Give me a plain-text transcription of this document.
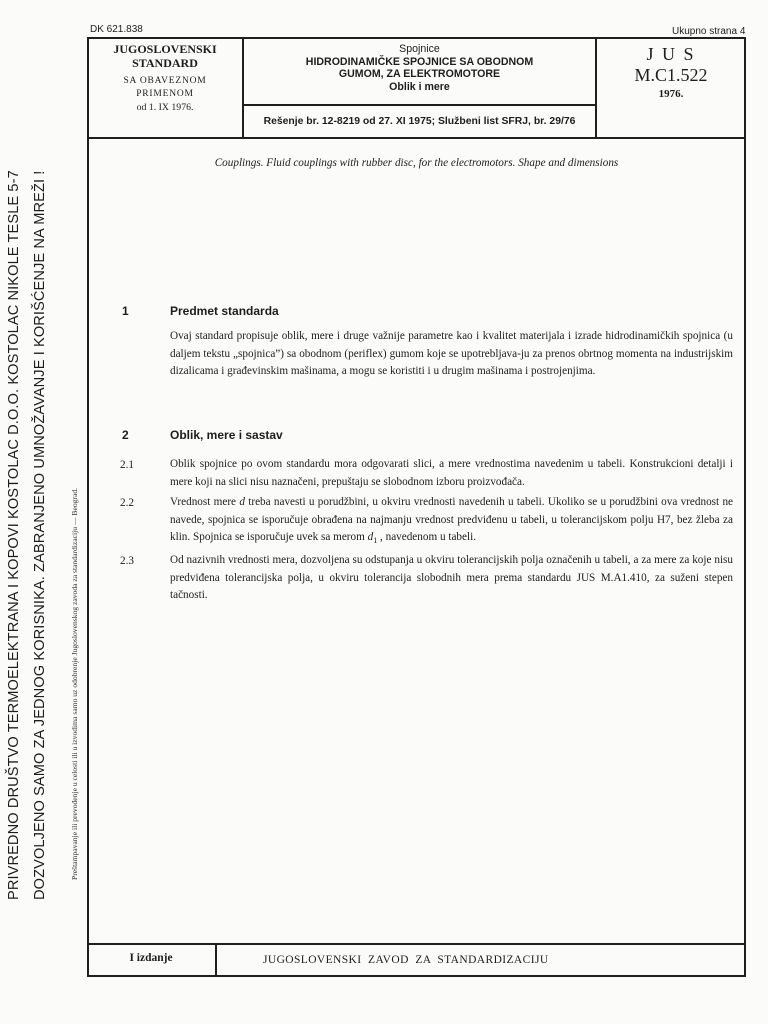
PRIVREDNO DRUŠTVO TERMOELEKTRANA I KOPOVI KOSTOLAC D.O.O. KOSTOLAC NIKOLE TESLE 5-7 DOZVOLJENO SAMO ZA JEDNOG KORISNIKA. ZABRANJENO UMNOŽAVANJE I KORIŠĆENJE NA MREŽI !	Preštampavanje ili prevođenje u celosti ili u izvodima samo uz odobrenje Jugoslovenskog zavoda za standardizaciju — Beograd.
DK 621.838	Ukupno strana 4
JUGOSLOVENSKI
STANDARD
SA OBAVEZNOM
PRIMENOM
od 1. IX 1976.
Spojnice
HIDRODINAMIČKE SPOJNICE SA OBODNOM
GUMOM, ZA ELEKTROMOTORE
Oblik i mere
Rešenje br. 12-8219 od 27. XI 1975; Službeni list SFRJ, br. 29/76
J U S
M.C1.522
1976.
Couplings. Fluid couplings with rubber disc, for the electromotors. Shape and dimensions
1	Predmet standarda
Ovaj standard propisuje oblik, mere i druge važnije parametre kao i kvalitet materijala i izrade hidrodinamičkih spojnica (u daljem tekstu „spojnica”) sa obodnom (periflex) gumom koje se upotrebljava-ju za prenos obrtnog momenta na industrijskim dizalicama i građevinskim mašinama, a mogu se koristiti i u drugim mašinama i postrojenjima.
2	Oblik, mere i sastav
2.1	Oblik spojnice po ovom standardu mora odgovarati slici, a mere vrednostima navedenim u tabeli. Konstrukcioni detalji i mere koji na slici nisu naznačeni, prepuštaju se slobodnom izboru proizvođača.
2.2	Vrednost mere d treba navesti u porudžbini, u okviru vrednosti navedenih u tabeli. Ukoliko se u porudžbini ova vrednost ne navede, spojnica se isporučuje obrađena na najmanju vrednost predviđenu u tabeli, u tolerancijskom polju H7, bez žleba za klin. Spojnica se isporučuje uvek sa merom $d_1$ , navedenom u tabeli.
2.3	Od nazivnih vrednosti mera, dozvoljena su odstupanja u okviru tolerancijskih polja označenih u tabeli, a za mere za koje nisu predviđena tolerancijska polja, u okviru tolerancija slobodnih mera prema standardu JUS M.A1.410, za suženi stepen tačnosti.
I izdanje	JUGOSLOVENSKI  ZAVOD  ZA  STANDARDIZACIJU
